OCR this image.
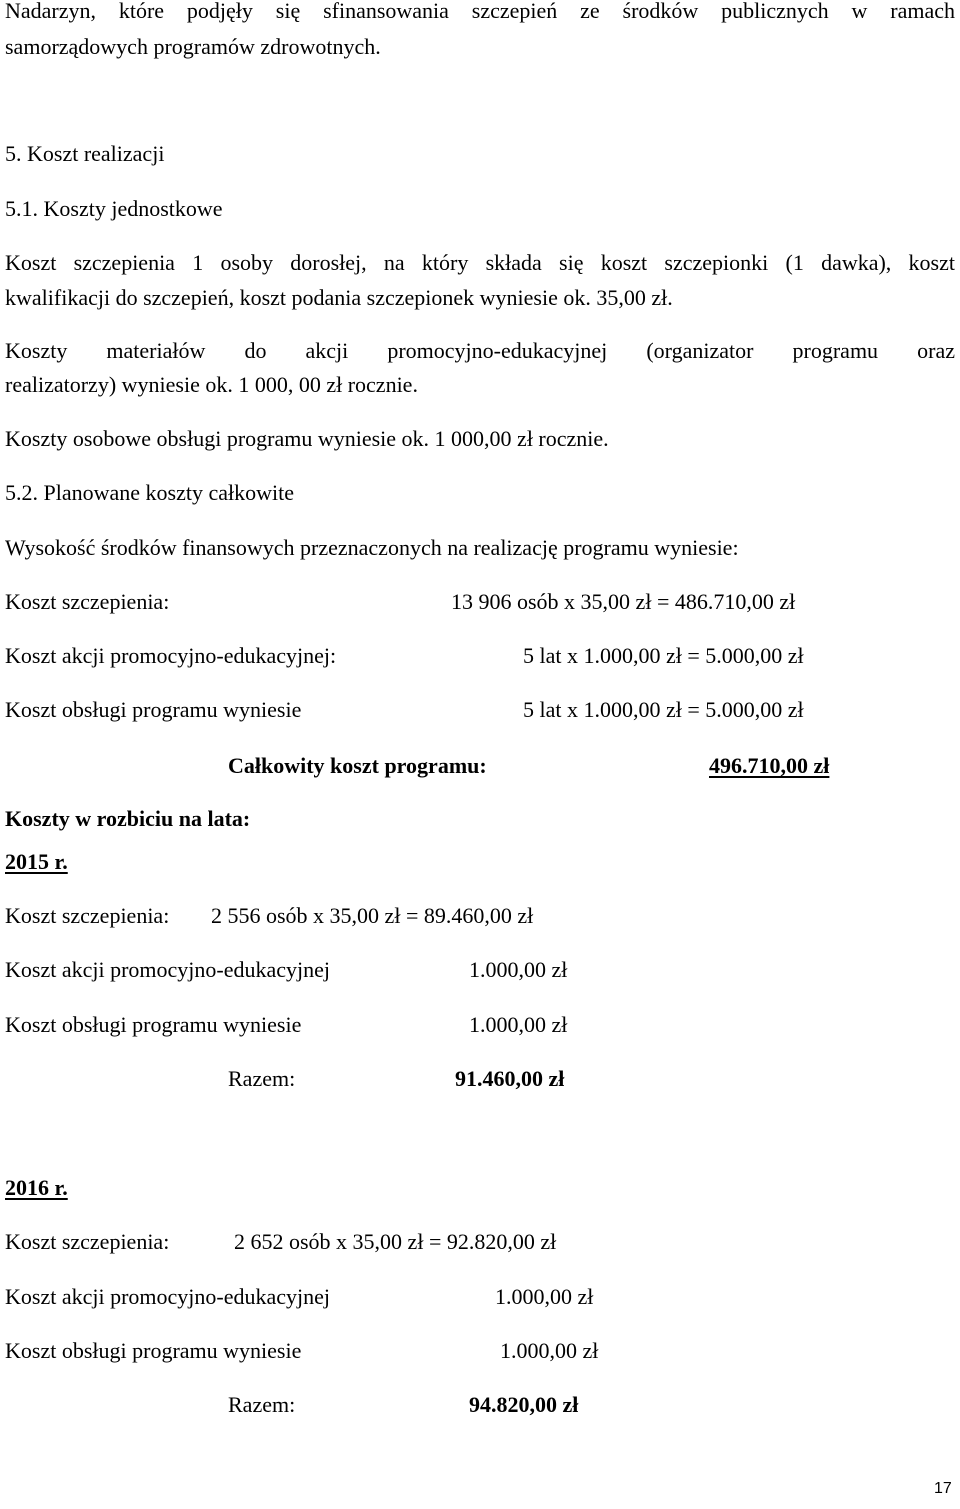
Nadarzyn, które podjęły się sfinansowania szczepień ze środków publicznych w ramach
samorządowych programów zdrowotnych.
5. Koszt realizacji
5.1. Koszty jednostkowe
Koszt szczepienia 1 osoby dorosłej, na który składa się koszt szczepionki (1 dawka), koszt
kwalifikacji do szczepień, koszt podania szczepionek wyniesie ok. 35,00 zł.
Koszty materiałów do akcji promocyjno-edukacyjnej (organizator programu oraz
realizatorzy) wyniesie ok. 1 000, 00 zł rocznie.
Koszty osobowe obsługi programu wyniesie ok. 1 000,00 zł rocznie.
5.2. Planowane koszty całkowite
Wysokość środków finansowych przeznaczonych na realizację programu wyniesie:
Koszt szczepienia:	13 906 osób x 35,00 zł = 486.710,00 zł
Koszt akcji promocyjno-edukacyjnej:	5 lat x 1.000,00 zł = 5.000,00 zł
Koszt obsługi programu wyniesie	5 lat x 1.000,00 zł = 5.000,00 zł
Całkowity koszt programu:	496.710,00 zł
Koszty w rozbiciu na lata:
2015 r.
Koszt szczepienia: 2 556 osób x 35,00 zł = 89.460,00 zł
Koszt akcji promocyjno-edukacyjnej	1.000,00 zł
Koszt obsługi programu wyniesie	1.000,00 zł
Razem:	91.460,00 zł
2016 r.
Koszt szczepienia:	2 652 osób x 35,00 zł = 92.820,00 zł
Koszt akcji promocyjno-edukacyjnej	1.000,00 zł
Koszt obsługi programu wyniesie	1.000,00 zł
Razem:	94.820,00 zł
17
